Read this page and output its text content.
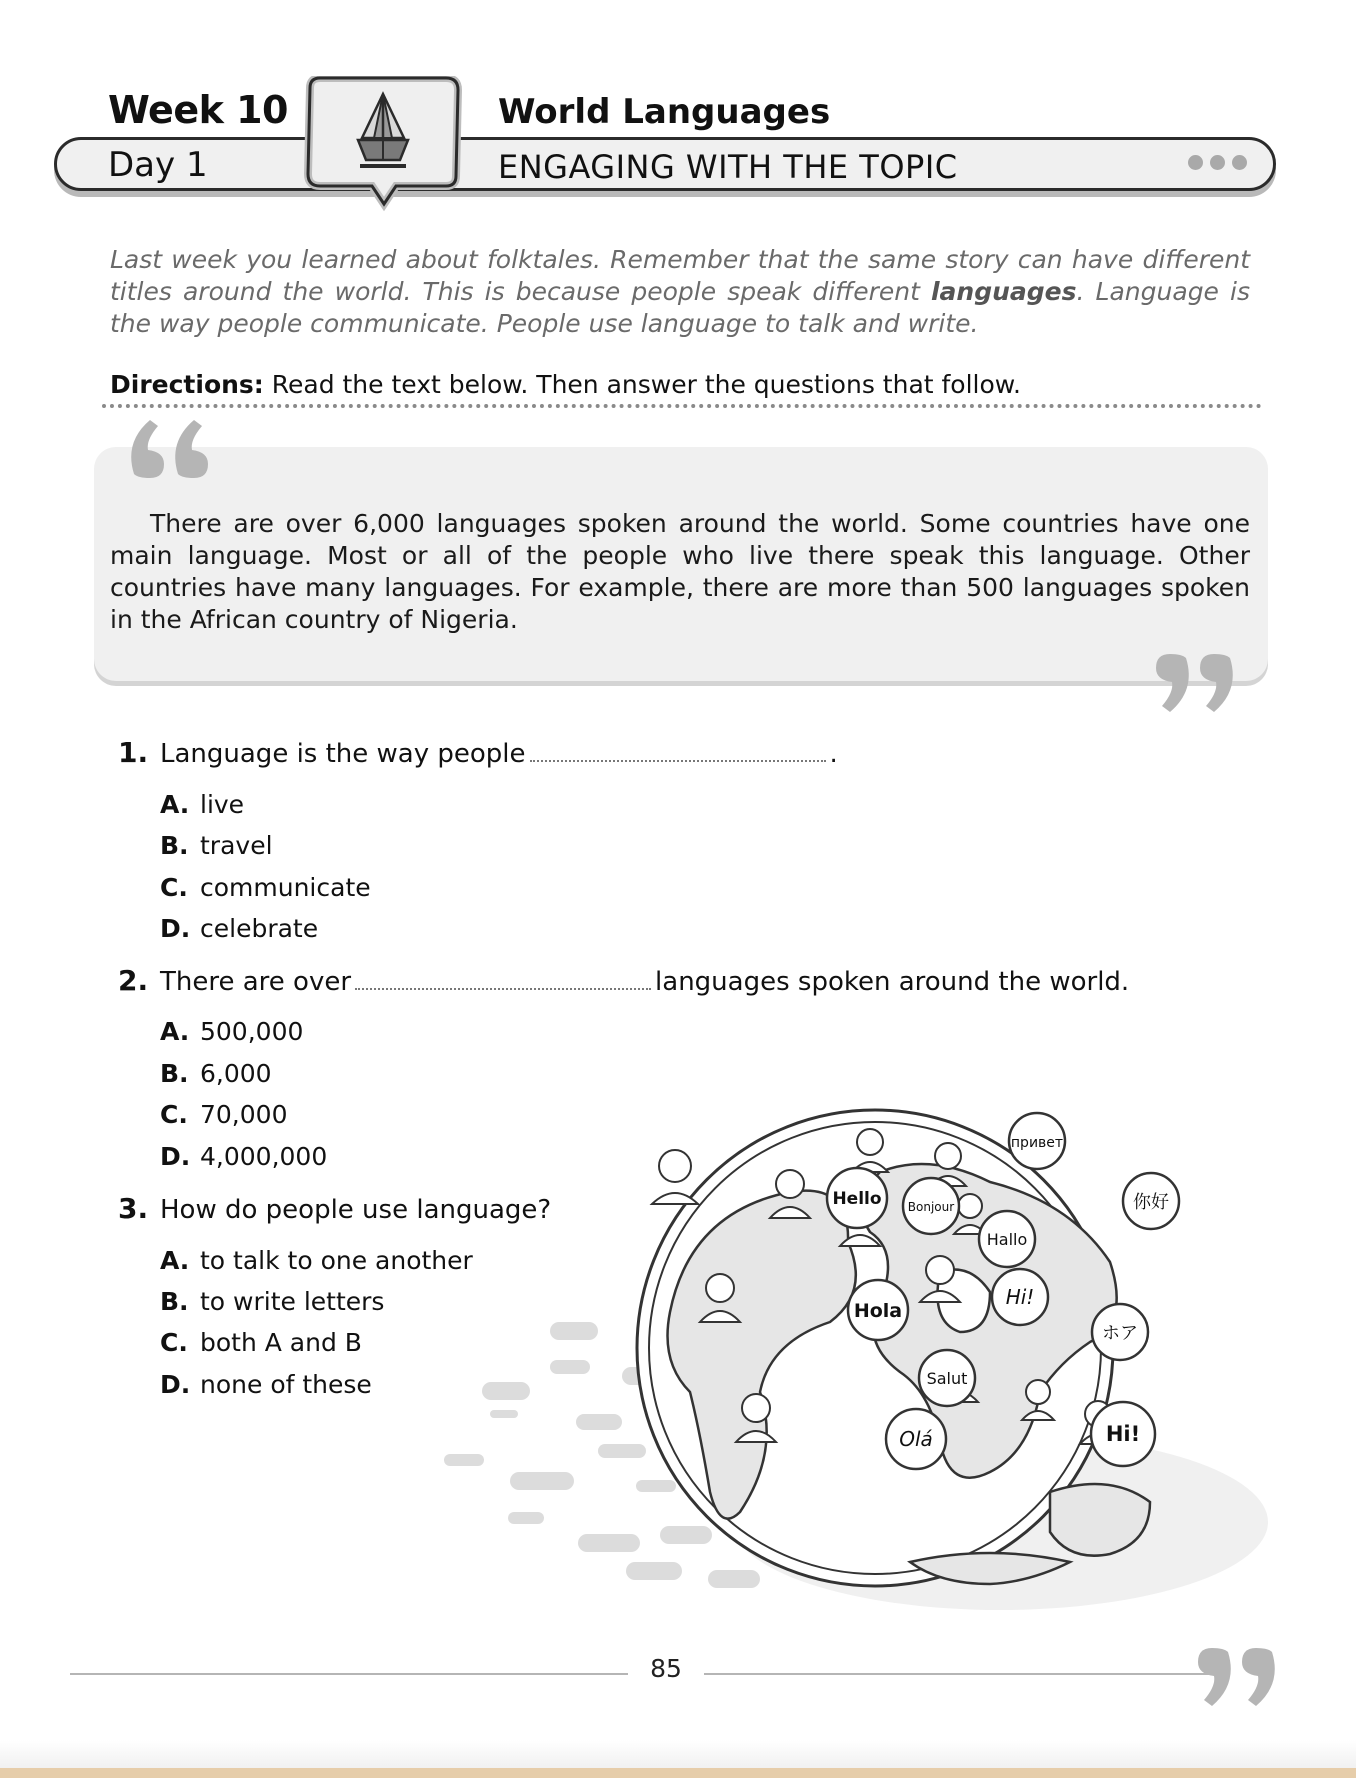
Week 10
Day 1
World Languages
ENGAGING WITH THE TOPIC

Last week you learned about folktales. Remember that the same story can have different titles around the world. This is because people speak different languages. Language is the way people communicate. People use language to talk and write.

Directions: Read the text below. Then answer the questions that follow.

There are over 6,000 languages spoken around the world. Some countries have one main language. Most or all of the people who live there speak this language. Other countries have many languages. For example, there are more than 500 languages spoken in the African country of Nigeria.

1. Language is the way people	.
A. live
B. travel
C. communicate
D. celebrate
2. There are over	languages spoken around the world.
A. 500,000
B. 6,000
C. 70,000
D. 4,000,000
3. How do people use language?
A. to talk to one another
B. to write letters
C. both A and B
D. none of these
привет
Hello Bonjour	你好
Hallo
Hola
Hi!
ホア
Salut
Olá	Hi!
85
